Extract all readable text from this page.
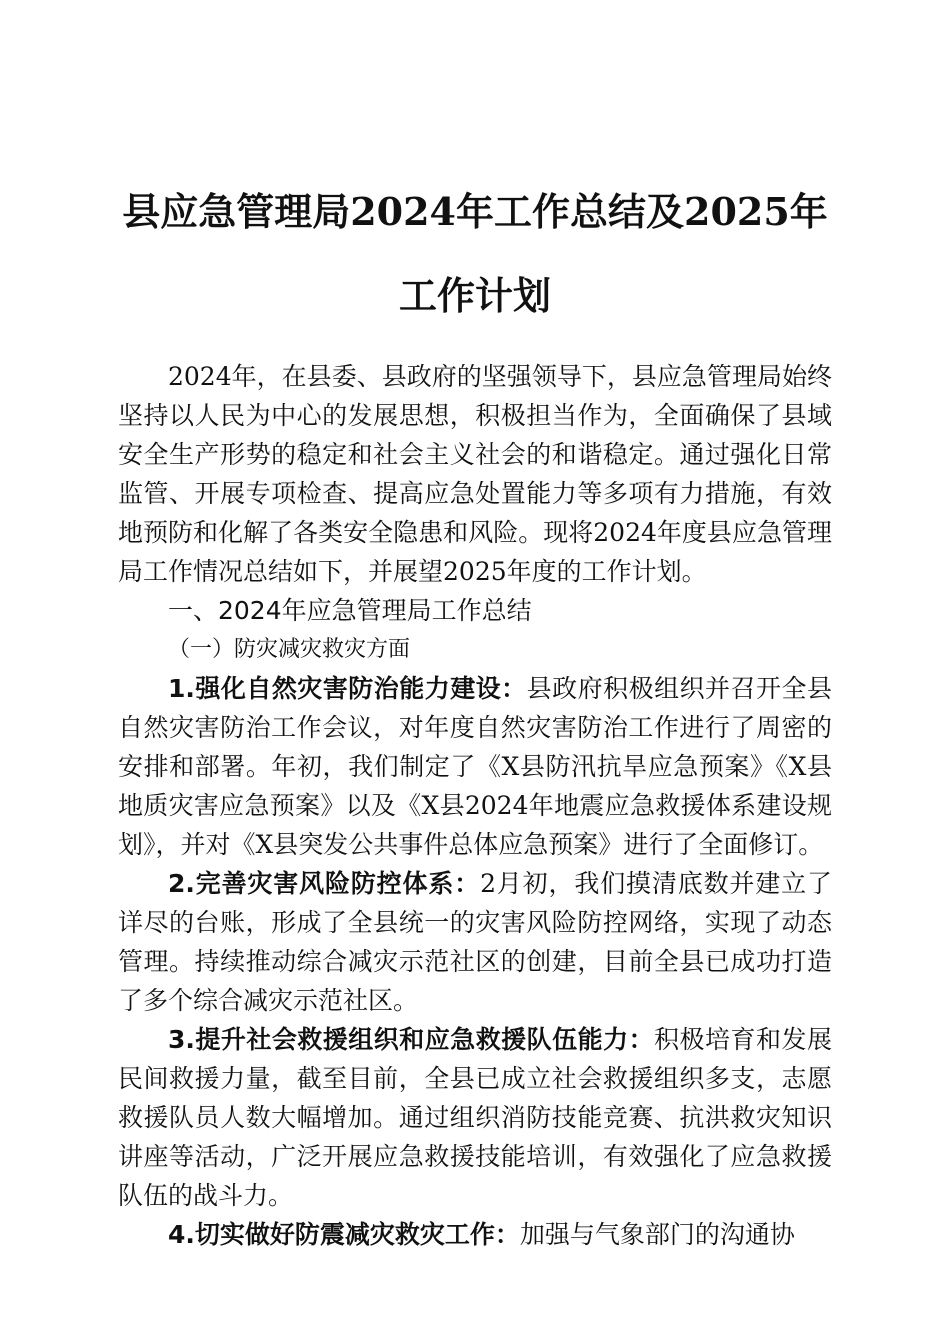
县应急管理局2024年工作总结及2025年工作计划

2024年，在县委、县政府的坚强领导下，县应急管理局始终坚持以人民为中心的发展思想，积极担当作为，全面确保了县域安全生产形势的稳定和社会主义社会的和谐稳定。通过强化日常监管、开展专项检查、提高应急处置能力等多项有力措施，有效地预防和化解了各类安全隐患和风险。现将2024年度县应急管理局工作情况总结如下，并展望2025年度的工作计划。

一、2024年应急管理局工作总结

（一）防灾减灾救灾方面

1.强化自然灾害防治能力建设：县政府积极组织并召开全县自然灾害防治工作会议，对年度自然灾害防治工作进行了周密的安排和部署。年初，我们制定了《X县防汛抗旱应急预案》《X县地质灾害应急预案》以及《X县2024年地震应急救援体系建设规划》，并对《X县突发公共事件总体应急预案》进行了全面修订。

2.完善灾害风险防控体系：2月初，我们摸清底数并建立了详尽的台账，形成了全县统一的灾害风险防控网络，实现了动态管理。持续推动综合减灾示范社区的创建，目前全县已成功打造了多个综合减灾示范社区。

3.提升社会救援组织和应急救援队伍能力：积极培育和发展民间救援力量，截至目前，全县已成立社会救援组织多支，志愿救援队员人数大幅增加。通过组织消防技能竞赛、抗洪救灾知识讲座等活动，广泛开展应急救援技能培训，有效强化了应急救援队伍的战斗力。

4.切实做好防震减灾救灾工作：加强与气象部门的沟通协
